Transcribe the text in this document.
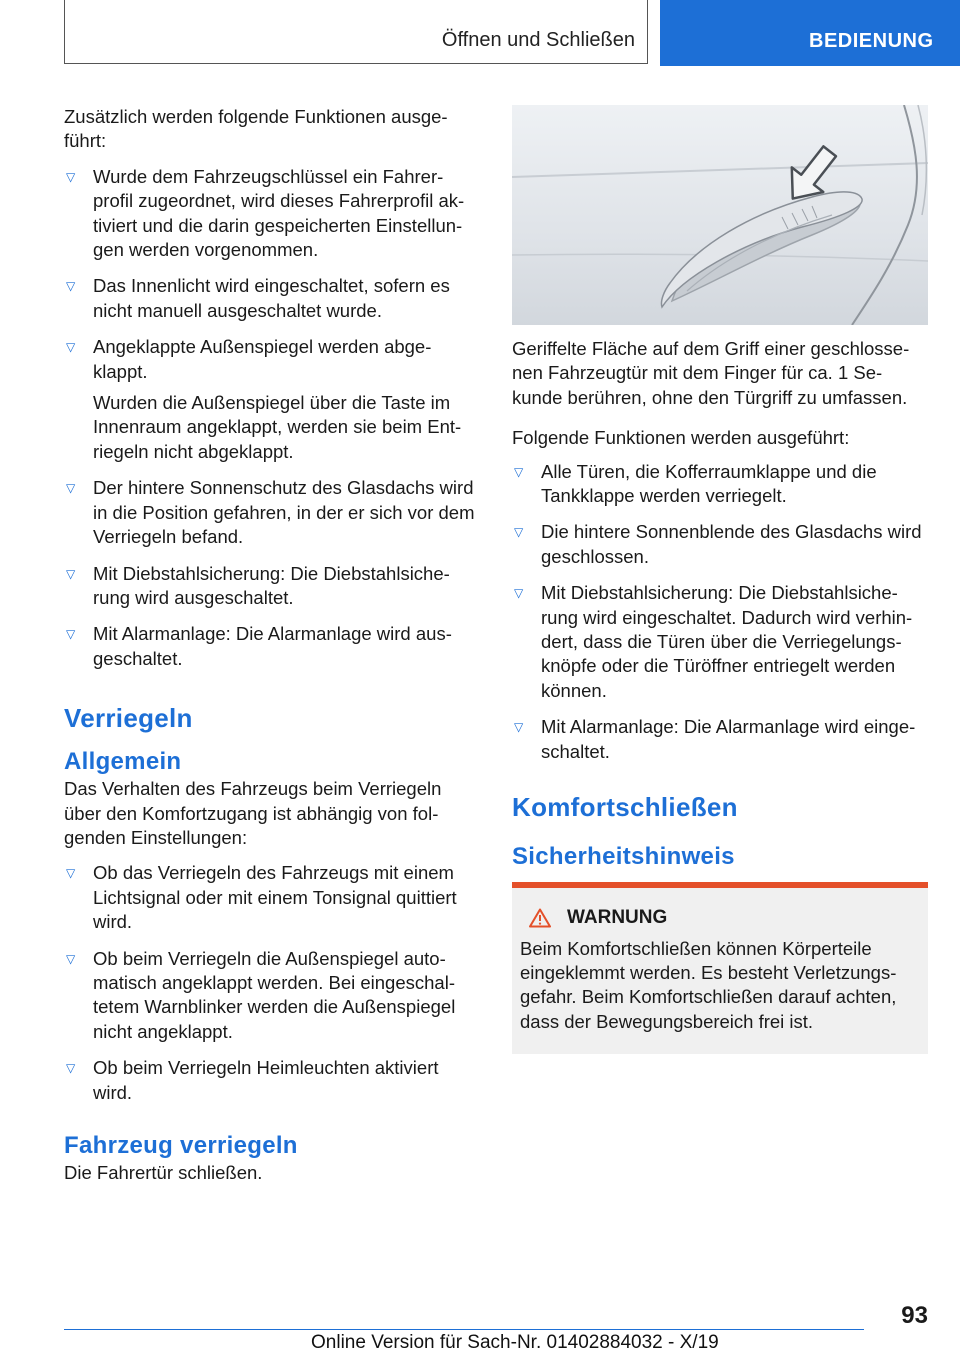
Öffnen und Schließen	BEDIENUNG

Zusätzlich werden folgende Funktionen ausge-führt:

▽ Wurde dem Fahrzeugschlüssel ein Fahrer-profil zugeordnet, wird dieses Fahrerprofil ak-tiviert und die darin gespeicherten Einstellun-gen werden vorgenommen.
▽ Das Innenlicht wird eingeschaltet, sofern es nicht manuell ausgeschaltet wurde.

▽ Angeklappte Außenspiegel werden abge-klappt.

Wurden die Außenspiegel über die Taste im Innenraum angeklappt, werden sie beim Ent-riegeln nicht abgeklappt.

▽ Der hintere Sonnenschutz des Glasdachs wird in die Position gefahren, in der er sich vor dem Verriegeln befand.
▽ Mit Diebstahlsicherung: Die Diebstahlsiche-rung wird ausgeschaltet.
▽ Mit Alarmanlage: Die Alarmanlage wird aus-geschaltet.
Verriegeln
Allgemein

Das Verhalten des Fahrzeugs beim Verriegeln über den Komfortzugang ist abhängig von fol-genden Einstellungen:

▽ Ob das Verriegeln des Fahrzeugs mit einem Lichtsignal oder mit einem Tonsignal quittiert wird.
▽ Ob beim Verriegeln die Außenspiegel auto-matisch angeklappt werden. Bei eingeschal-tetem Warnblinker werden die Außenspiegel nicht angeklappt.
▽ Ob beim Verriegeln Heimleuchten aktiviert wird.
Fahrzeug verriegeln

Die Fahrertür schließen.

Geriffelte Fläche auf dem Griff einer geschlosse-nen Fahrzeugtür mit dem Finger für ca. 1 Se-kunde berühren, ohne den Türgriff zu umfassen.

Folgende Funktionen werden ausgeführt:

▽ Alle Türen, die Kofferraumklappe und die Tankklappe werden verriegelt.
▽ Die hintere Sonnenblende des Glasdachs wird geschlossen.
▽ Mit Diebstahlsicherung: Die Diebstahlsiche-rung wird eingeschaltet. Dadurch wird verhin-dert, dass die Türen über die Verriegelungs-knöpfe oder die Türöffner entriegelt werden können.
▽ Mit Alarmanlage: Die Alarmanlage wird einge-schaltet.
Komfortschließen
Sicherheitshinweis
WARNUNG

Beim Komfortschließen können Körperteile eingeklemmt werden. Es besteht Verletzungs-gefahr. Beim Komfortschließen darauf achten, dass der Bewegungsbereich frei ist.

93
Online Version für Sach-Nr. 01402884032 - X/19
